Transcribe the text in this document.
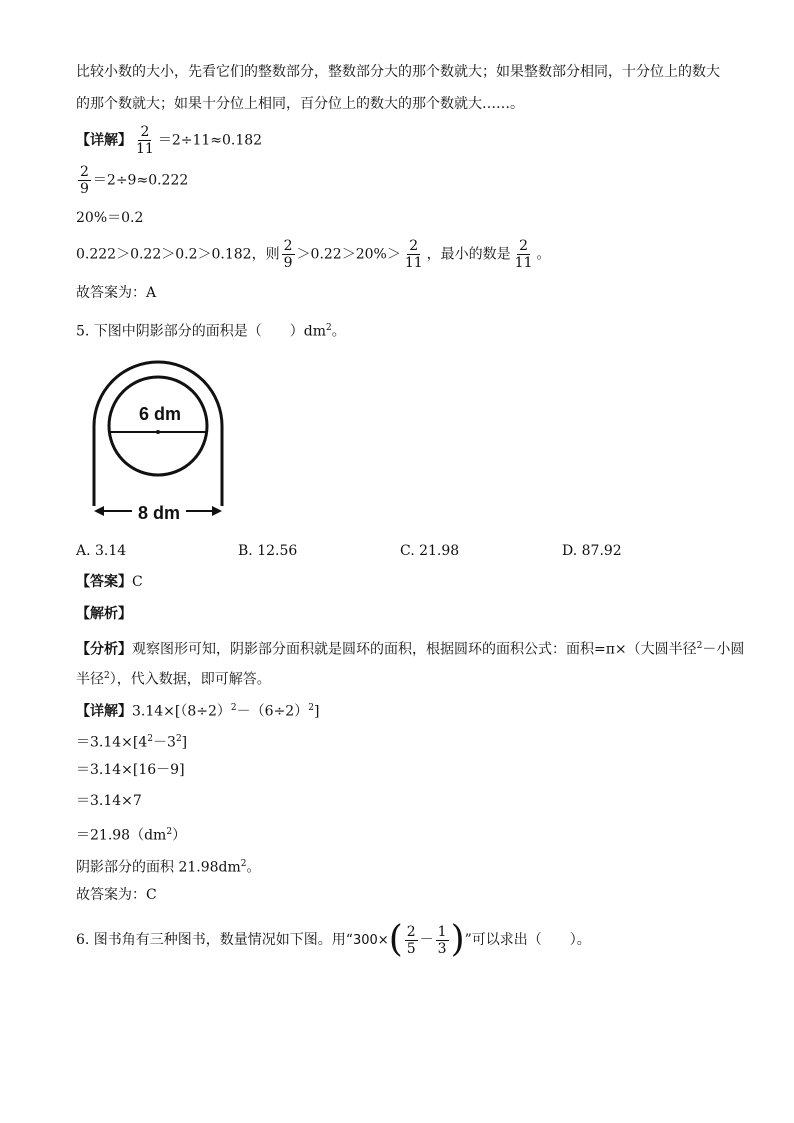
比较小数的大小，先看它们的整数部分，整数部分大的那个数就大；如果整数部分相同，十分位上的数大
的那个数就大；如果十分位上相同，百分位上的数大的那个数就大……。
【详解】 $\frac{2}{11} =2\div 11\approx 0.182$
$\frac{2}{9} =2\div 9\approx 0.222$
20%＝0.2
0.222＞0.22＞0.2＞0.182，则 $\frac{2}{9} >0.22>20\%> \frac{2}{11}$ ，最小的数是 $\frac{2}{11}$ 。
故答案为：A
5. 下图中阴影部分的面积是（　　）$dm^2$。
6 dm
8 dm
A. 3.14	B. 12.56	C. 21.98	D. 87.92
【答案】C
【解析】
【分析】观察图形可知，阴影部分面积就是圆环的面积，根据圆环的面积公式：面积=π×（大圆半径$^2$－小圆
半径$^2$），代入数据，即可解答。
【详解】$3.14\times[(8\div 2)^2-(6\div 2)^2]$
$=3.14\times[4^2-3^2]$
＝3.14×[16－9]
＝3.14×7
$=21.98(dm^2)$
阴影部分的面积 $21.98dm^2$。
故答案为：C
6. 图书角有三种图书，数量情况如下图。用“$300\times( \frac{2}{5} - \frac{1}{3}$ )”可以求出（　　）。
